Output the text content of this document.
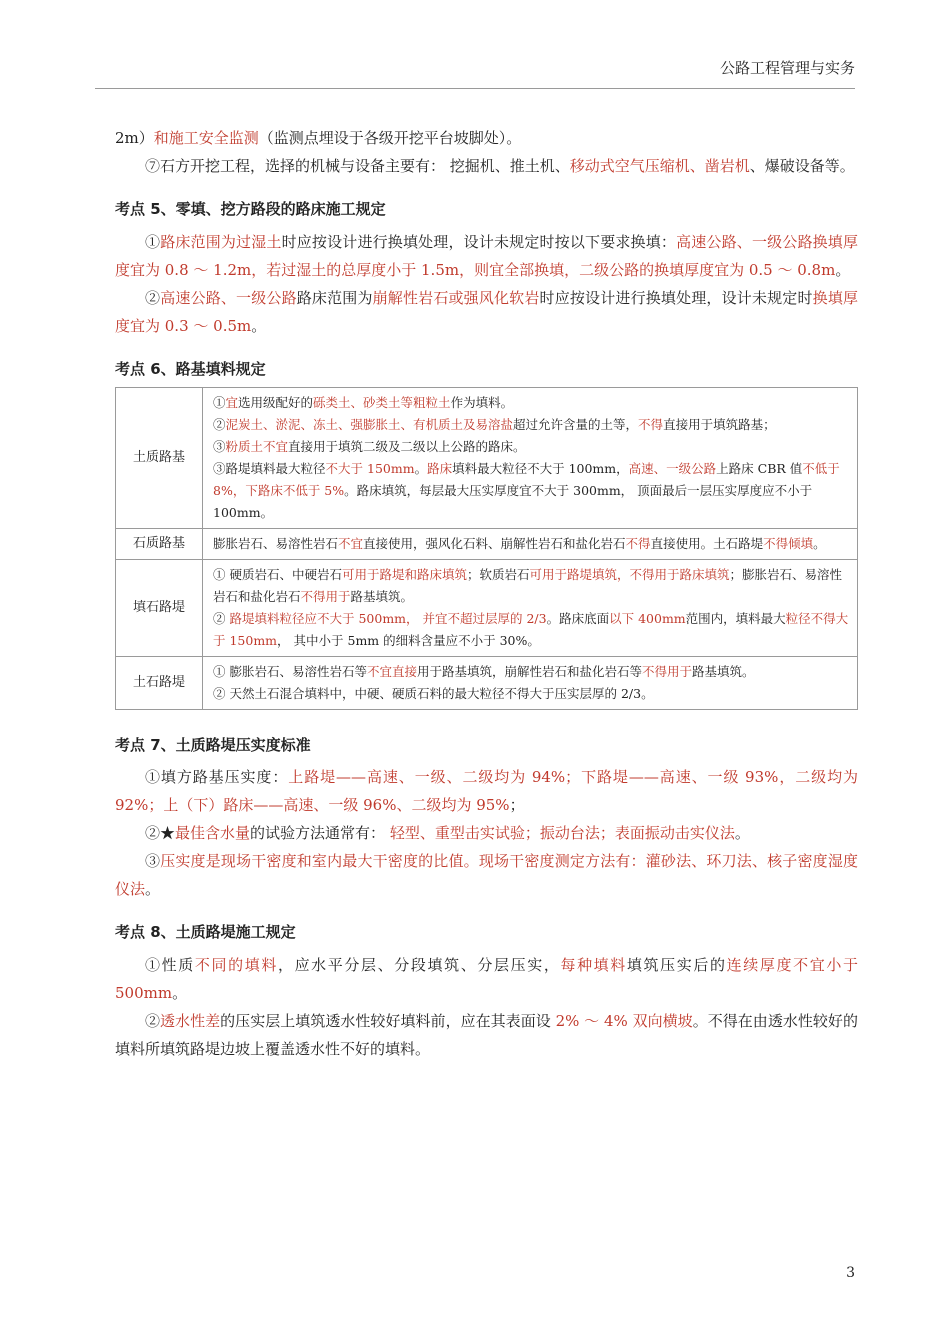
公路工程管理与实务

2m）和施工安全监测（监测点埋设于各级开挖平台坡脚处）。

⑦石方开挖工程，选择的机械与设备主要有： 挖掘机、推土机、移动式空气压缩机、凿岩机、爆破设备等。

考点 5、零填、挖方路段的路床施工规定

①路床范围为过湿土时应按设计进行换填处理，设计未规定时按以下要求换填：高速公路、一级公路换填厚度宜为 0.8 ～ 1.2m，若过湿土的总厚度小于 1.5m，则宜全部换填，二级公路的换填厚度宜为 0.5 ～ 0.8m。

②高速公路、一级公路路床范围为崩解性岩石或强风化软岩时应按设计进行换填处理，设计未规定时换填厚度宜为 0.3 ～ 0.5m。

考点 6、路基填料规定

土质路基	①宜选用级配好的砾类土、砂类土等粗粒土作为填料。
②泥炭土、淤泥、冻土、强膨胀土、有机质土及易溶盐超过允许含量的土等，不得直接用于填筑路基；
③粉质土不宜直接用于填筑二级及二级以上公路的路床。
③路堤填料最大粒径不大于 150mm。路床填料最大粒径不大于 100mm，高速、一级公路上路床 CBR 值不低于 8%，下路床不低于 5%。路床填筑，每层最大压实厚度宜不大于 300mm， 顶面最后一层压实厚度应不小于 100mm。

石质路基	膨胀岩石、易溶性岩石不宜直接使用，强风化石料、崩解性岩石和盐化岩石不得直接使用。土石路堤不得倾填。

填石路堤	① 硬质岩石、中硬岩石可用于路堤和路床填筑；软质岩石可用于路堤填筑，不得用于路床填筑；膨胀岩石、易溶性岩石和盐化岩石不得用于路基填筑。
② 路堤填料粒径应不大于 500mm， 并宜不超过层厚的 2/3。路床底面以下 400mm范围内，填料最大粒径不得大于 150mm， 其中小于 5mm 的细料含量应不小于 30%。

土石路堤	① 膨胀岩石、易溶性岩石等不宜直接用于路基填筑，崩解性岩石和盐化岩石等不得用于路基填筑。
② 天然土石混合填料中，中硬、硬质石料的最大粒径不得大于压实层厚的 2/3。

考点 7、土质路堤压实度标准

①填方路基压实度：上路堤——高速、一级、二级均为 94%；下路堤——高速、一级 93%，二级均为 92%；上（下）路床——高速、一级 96%、二级均为 95%；

②★最佳含水量的试验方法通常有： 轻型、重型击实试验；振动台法；表面振动击实仪法。

③压实度是现场干密度和室内最大干密度的比值。现场干密度测定方法有：灌砂法、环刀法、核子密度湿度仪法。

考点 8、土质路堤施工规定

①性质不同的填料，应水平分层、分段填筑、分层压实，每种填料填筑压实后的连续厚度不宜小于 500mm。

②透水性差的压实层上填筑透水性较好填料前，应在其表面设 2% ～ 4% 双向横坡。不得在由透水性较好的填料所填筑路堤边坡上覆盖透水性不好的填料。

3
